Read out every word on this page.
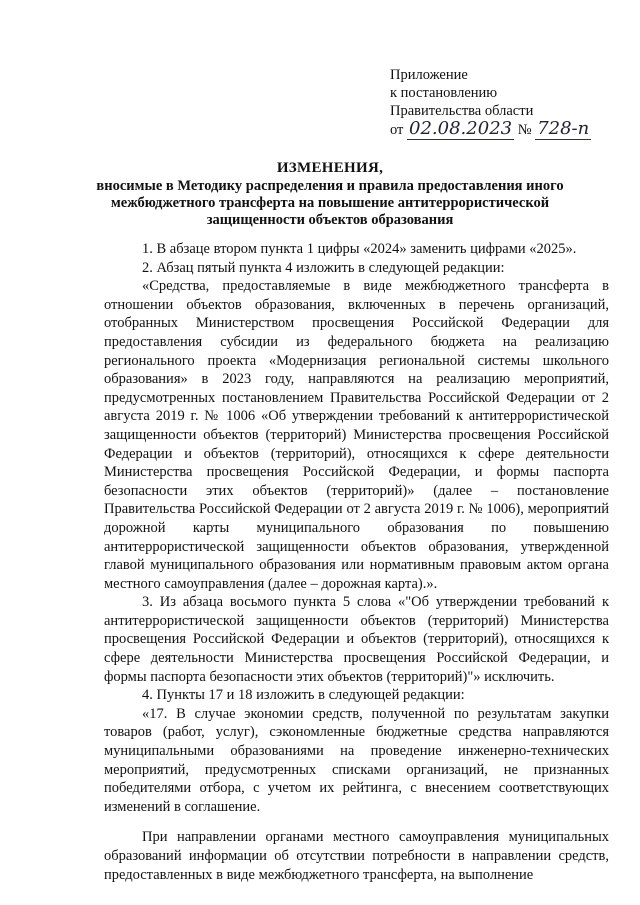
Приложение
к постановлению
Правительства области
от 02.08.2023 № 728-п
ИЗМЕНЕНИЯ,
вносимые в Методику распределения и правила предоставления иного межбюджетного трансферта на повышение антитеррористической защищенности объектов образования

1. В абзаце втором пункта 1 цифры «2024» заменить цифрами «2025».

2. Абзац пятый пункта 4 изложить в следующей редакции:

«Средства, предоставляемые в виде межбюджетного трансферта в отношении объектов образования, включенных в перечень организаций, отобранных Министерством просвещения Российской Федерации для предоставления субсидии из федерального бюджета на реализацию регионального проекта «Модернизация региональной системы школьного образования» в 2023 году, направляются на реализацию мероприятий, предусмотренных постановлением Правительства Российской Федерации от 2 августа 2019 г. № 1006 «Об утверждении требований к антитеррористической защищенности объектов (территорий) Министерства просвещения Российской Федерации и объектов (территорий), относящихся к сфере деятельности Министерства просвещения Российской Федерации, и формы паспорта безопасности этих объектов (территорий)» (далее – постановление Правительства Российской Федерации от 2 августа 2019 г. № 1006), мероприятий дорожной карты муниципального образования по повышению антитеррористической защищенности объектов образования, утвержденной главой муниципального образования или нормативным правовым актом органа местного самоуправления (далее – дорожная карта).».

3. Из абзаца восьмого пункта 5 слова «"Об утверждении требований к антитеррористической защищенности объектов (территорий) Министерства просвещения Российской Федерации и объектов (территорий), относящихся к сфере деятельности Министерства просвещения Российской Федерации, и формы паспорта безопасности этих объектов (территорий)"» исключить.

4. Пункты 17 и 18 изложить в следующей редакции:

«17. В случае экономии средств, полученной по результатам закупки товаров (работ, услуг), сэкономленные бюджетные средства направляются муниципальными образованиями на проведение инженерно-технических мероприятий, предусмотренных списками организаций, не признанных победителями отбора, с учетом их рейтинга, с внесением соответствующих изменений в соглашение.

При направлении органами местного самоуправления муниципальных образований информации об отсутствии потребности в направлении средств, предоставленных в виде межбюджетного трансферта, на выполнение
